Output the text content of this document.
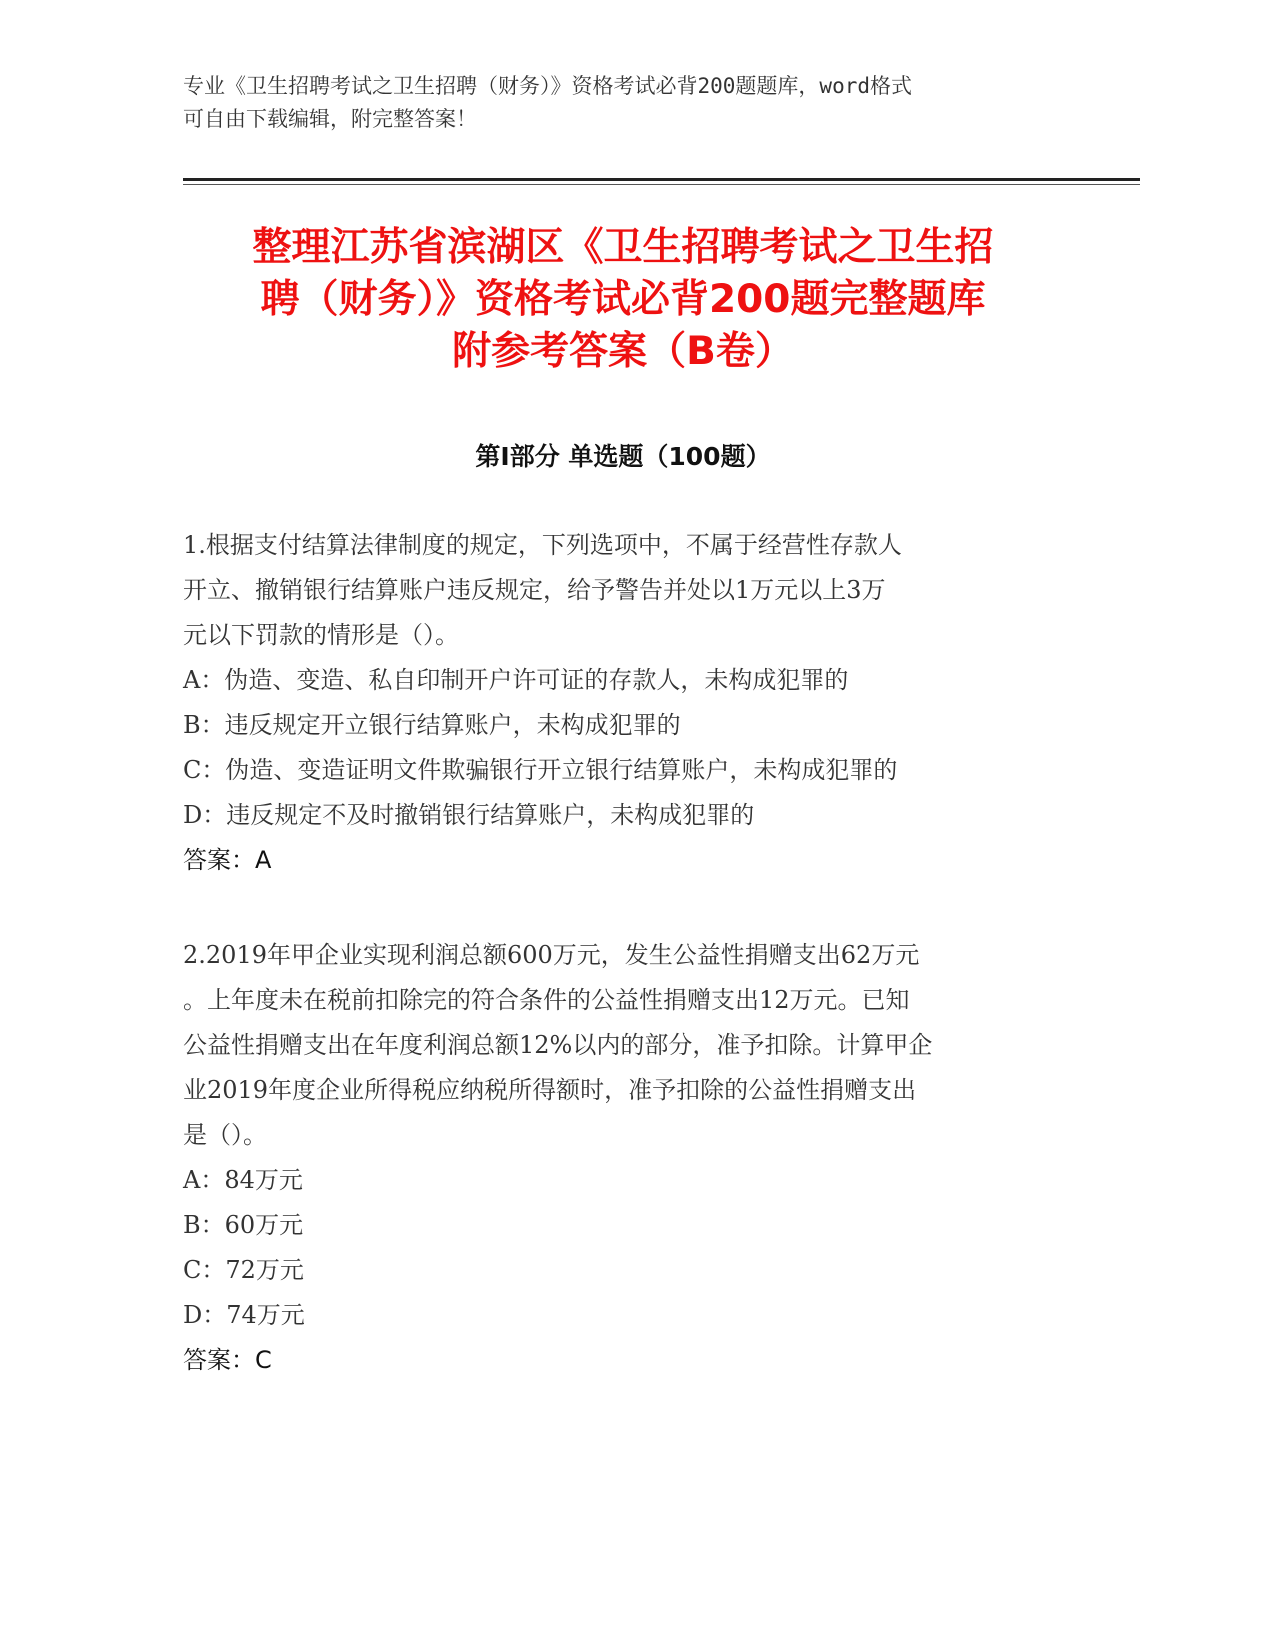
专业《卫生招聘考试之卫生招聘（财务）》资格考试必背200题题库，word格式

可自由下载编辑，附完整答案！

整理江苏省滨湖区《卫生招聘考试之卫生招

聘（财务）》资格考试必背200题完整题库

附参考答案（B卷）

第I部分 单选题（100题）

1.根据支付结算法律制度的规定，下列选项中，不属于经营性存款人

开立、撤销银行结算账户违反规定，给予警告并处以1万元以上3万

元以下罚款的情形是（）。

A：伪造、变造、私自印制开户许可证的存款人，未构成犯罪的

B：违反规定开立银行结算账户，未构成犯罪的

C：伪造、变造证明文件欺骗银行开立银行结算账户，未构成犯罪的

D：违反规定不及时撤销银行结算账户，未构成犯罪的

答案：A

2.2019年甲企业实现利润总额600万元，发生公益性捐赠支出62万元

。上年度未在税前扣除完的符合条件的公益性捐赠支出12万元。已知

公益性捐赠支出在年度利润总额12%以内的部分，准予扣除。计算甲企

业2019年度企业所得税应纳税所得额时，准予扣除的公益性捐赠支出

是（）。

A：84万元

B：60万元

C：72万元

D：74万元

答案：C
